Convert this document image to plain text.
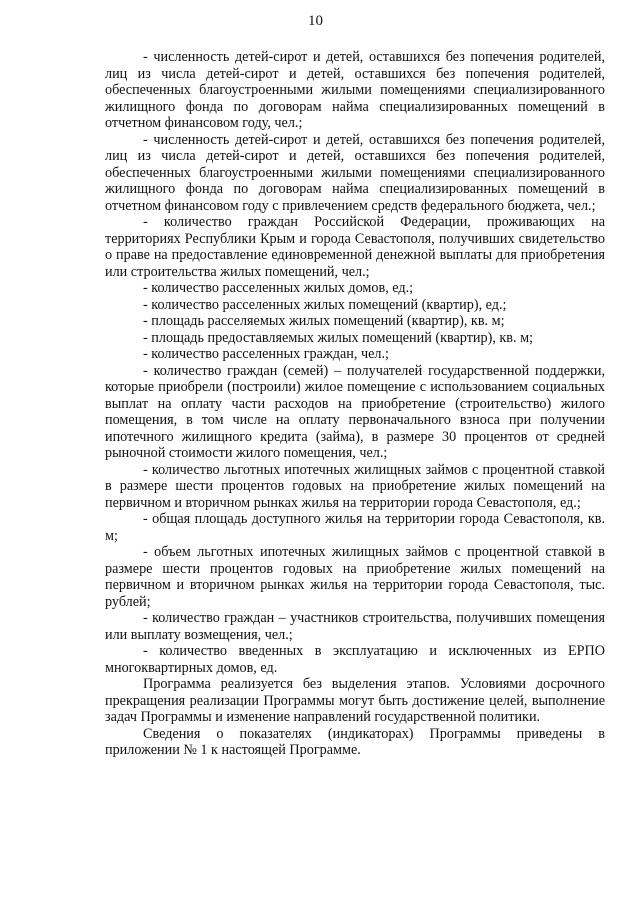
10

- численность детей-сирот и детей, оставшихся без попечения родителей, лиц из числа детей-сирот и детей, оставшихся без попечения родителей, обеспеченных благоустроенными жилыми помещениями специализированного жилищного фонда по договорам найма специализированных помещений в отчетном финансовом году, чел.;

- численность детей-сирот и детей, оставшихся без попечения родителей, лиц из числа детей-сирот и детей, оставшихся без попечения родителей, обеспеченных благоустроенными жилыми помещениями специализированного жилищного фонда по договорам найма специализированных помещений в отчетном финансовом году с привлечением средств федерального бюджета, чел.;

- количество граждан Российской Федерации, проживающих на территориях Республики Крым и города Севастополя, получивших свидетельство о праве на предоставление единовременной денежной выплаты для приобретения или строительства жилых помещений, чел.;

- количество расселенных жилых домов, ед.;

- количество расселенных жилых помещений (квартир), ед.;

- площадь расселяемых жилых помещений (квартир), кв. м;

- площадь предоставляемых жилых помещений (квартир), кв. м;

- количество расселенных граждан, чел.;

- количество граждан (семей) – получателей государственной поддержки, которые приобрели (построили) жилое помещение с использованием социальных выплат на оплату части расходов на приобретение (строительство) жилого помещения, в том числе на оплату первоначального взноса при получении ипотечного жилищного кредита (займа), в размере 30 процентов от средней рыночной стоимости жилого помещения, чел.;

- количество льготных ипотечных жилищных займов с процентной ставкой в размере шести процентов годовых на приобретение жилых помещений на первичном и вторичном рынках жилья на территории города Севастополя, ед.;

- общая площадь доступного жилья на территории города Севастополя, кв. м;

- объем льготных ипотечных жилищных займов с процентной ставкой в размере шести процентов годовых на приобретение жилых помещений на первичном и вторичном рынках жилья на территории города Севастополя, тыс. рублей;

- количество граждан – участников строительства, получивших помещения или выплату возмещения, чел.;

- количество введенных в эксплуатацию и исключенных из ЕРПО многоквартирных домов, ед.

Программа реализуется без выделения этапов. Условиями досрочного прекращения реализации Программы могут быть достижение целей, выполнение задач Программы и изменение направлений государственной политики.

Сведения о показателях (индикаторах) Программы приведены в приложении № 1 к настоящей Программе.
